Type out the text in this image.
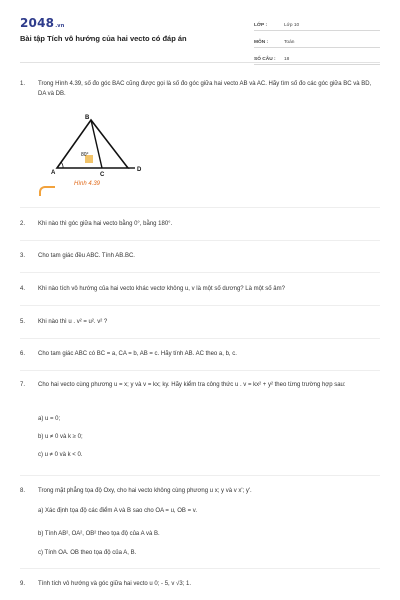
2048.vn
Bài tập Tích vô hướng của hai vecto có đáp án
LỚP :	Lớp 10
MÔN :	Toán
SỐ CÂU :	18
1.	Trong Hình 4.39, số đo góc BAC cũng được gọi là số đo góc giữa hai vecto AB và AC. Hãy tìm số đo các góc giữa BC và BD, DA và DB.
B
A	C
D
80°
Hình 4.39
2.	Khi nào thì góc giữa hai vecto bằng 0°, bằng 180°.
3.	Cho tam giác đều ABC. Tính AB.BC.
4.	Khi nào tích vô hướng của hai vecto khác vectơ không u, v là một số dương? Là một số âm?
5.	Khi nào thì u . v² = u². v² ?
6.	Cho tam giác ABC có BC = a, CA = b, AB = c. Hãy tính AB. AC theo a, b, c.
7.	Cho hai vecto cùng phương u = x; y và v = kx; ky. Hãy kiểm tra công thức u . v = kx² + y² theo từng trường hợp sau:
a) u = 0;
b) u ≠ 0 và k ≥ 0;
c) u ≠ 0 và k < 0.
8.	Trong mặt phẳng tọa độ Oxy, cho hai vecto không cùng phương u x; y và v x'; y'.
a) Xác định tọa độ các điểm A và B sao cho OA = u, OB = v.
b) Tính AB², OA², OB² theo tọa độ của A và B.
c) Tính OA. OB theo tọa độ của A, B.
9.	Tính tích vô hướng và góc giữa hai vecto u 0; - 5, v √3; 1.
